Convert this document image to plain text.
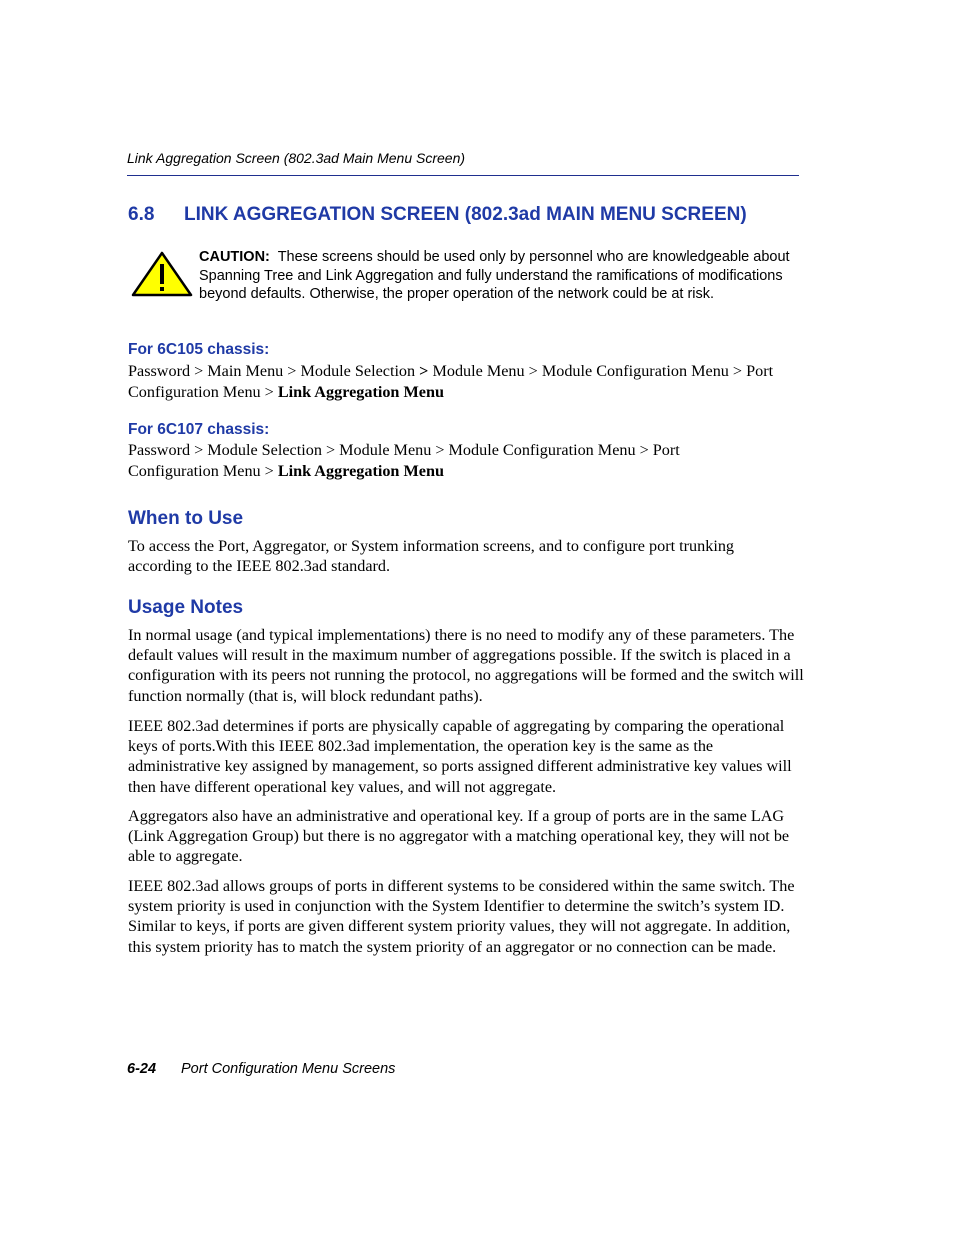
Link Aggregation Screen (802.3ad Main Menu Screen)
6.8 LINK AGGREGATION SCREEN (802.3ad MAIN MENU SCREEN)
CAUTION: These screens should be used only by personnel who are knowledgeable about Spanning Tree and Link Aggregation and fully understand the ramifications of modifications beyond defaults. Otherwise, the proper operation of the network could be at risk.
For 6C105 chassis:
Password > Main Menu > Module Selection > Module Menu > Module Configuration Menu > Port Configuration Menu > Link Aggregation Menu
For 6C107 chassis:
Password > Module Selection > Module Menu > Module Configuration Menu > Port Configuration Menu > Link Aggregation Menu
When to Use

To access the Port, Aggregator, or System information screens, and to configure port trunking according to the IEEE 802.3ad standard.

Usage Notes

In normal usage (and typical implementations) there is no need to modify any of these parameters. The default values will result in the maximum number of aggregations possible. If the switch is placed in a configuration with its peers not running the protocol, no aggregations will be formed and the switch will function normally (that is, will block redundant paths).

IEEE 802.3ad determines if ports are physically capable of aggregating by comparing the operational keys of ports.With this IEEE 802.3ad implementation, the operation key is the same as the administrative key assigned by management, so ports assigned different administrative key values will then have different operational key values, and will not aggregate.

Aggregators also have an administrative and operational key. If a group of ports are in the same LAG (Link Aggregation Group) but there is no aggregator with a matching operational key, they will not be able to aggregate.

IEEE 802.3ad allows groups of ports in different systems to be considered within the same switch. The system priority is used in conjunction with the System Identifier to determine the switch’s system ID. Similar to keys, if ports are given different system priority values, they will not aggregate. In addition, this system priority has to match the system priority of an aggregator or no connection can be made.

6-24 Port Configuration Menu Screens
